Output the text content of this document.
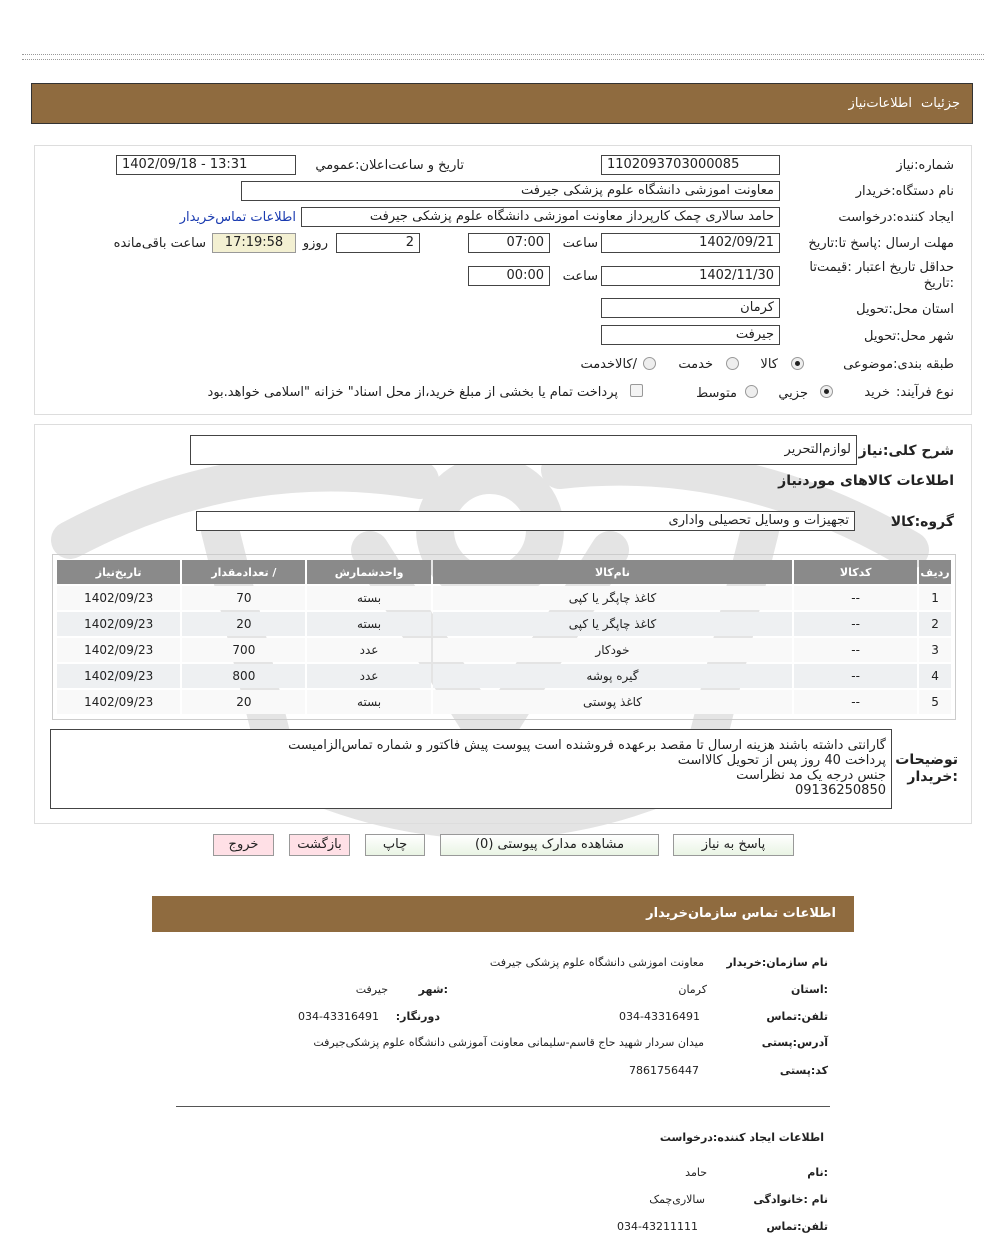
جزئیات
اطلاعات‌نیاز
شماره:نیاز
1102093703000085
تاریخ و ساعت‌اعلان:عمومي
1402/09/18 - 13:31
نام دستگاه:خریدار
معاونت اموزشی دانشگاه علوم پزشکی جیرفت
ایجاد کننده:درخواست
حامد سالاری چمک کارپرداز معاونت اموزشی دانشگاه علوم پزشکی جیرفت
اطلاعات تماس‌خریدار
مهلت ارسال :پاسخ تا:تاریخ
1402/09/21
ساعت
07:00
2
روزو
17:19:58
ساعت باقی‌مانده
حداقل تاریخ اعتبار :قیمت‌تا :تاریخ
1402/11/30
ساعت
00:00
استان محل:تحویل
کرمان
شهر محل:تحویل
جیرفت
طبقه بندی:موضوعی
کالا
خدمت
/کالاخدمت
نوع فرآیند:
خرید
جزیي
متوسط
پرداخت تمام یا بخشی از مبلغ خرید،از محل اسناد" خزانه "اسلامی خواهد.بود
شرح کلی:نیاز
لوازم‌التحریر
اطلاعات کالاهای موردنیاز
گروه:کالا
تجهیزات و وسایل تحصیلی واداری
ردیف	کدکالا	نام‌کالا	واحدشمارش	/ تعدادمقدار	تاریخ‌نیاز
1	--	کاغذ چاپگر یا کپی	بسته	70	1402/09/23
2	--	کاغذ چاپگر یا کپی	بسته	20	1402/09/23
3	--	خودکار	عدد	700	1402/09/23
4	--	گیره پوشه	عدد	800	1402/09/23
5	--	کاغذ پوستی	بسته	20	1402/09/23
توضیحات :خریدار
گارانتی داشته باشند هزینه ارسال تا مقصد برعهده فروشنده است پیوست پیش فاکتور و شماره تماس‌الزامیست
پرداخت 40 روز پس از تحویل کالااست
جنس درجه یک مد نظراست
09136250850
پاسخ به نیاز
مشاهده مدارک پیوستی (0)
چاپ
بازگشت
خروج
اطلاعات تماس سازمان‌خریدار
نام سازمان:خریدار
معاونت اموزشی دانشگاه علوم پزشکی جیرفت
:استان
کرمان
:شهر
جیرفت
تلفن:تماس
034-43316491
دورنگار:
034-43316491
آدرس:پستی
میدان سردار شهید حاج قاسم-سلیمانی معاونت آموزشی دانشگاه علوم پزشکی‌جیرفت
کد:پستی
7861756447
اطلاعات ایجاد کننده:درخواست
:نام
حامد
نام :خانوادگی
سالاری‌چمک
تلفن:تماس
034-43211111
